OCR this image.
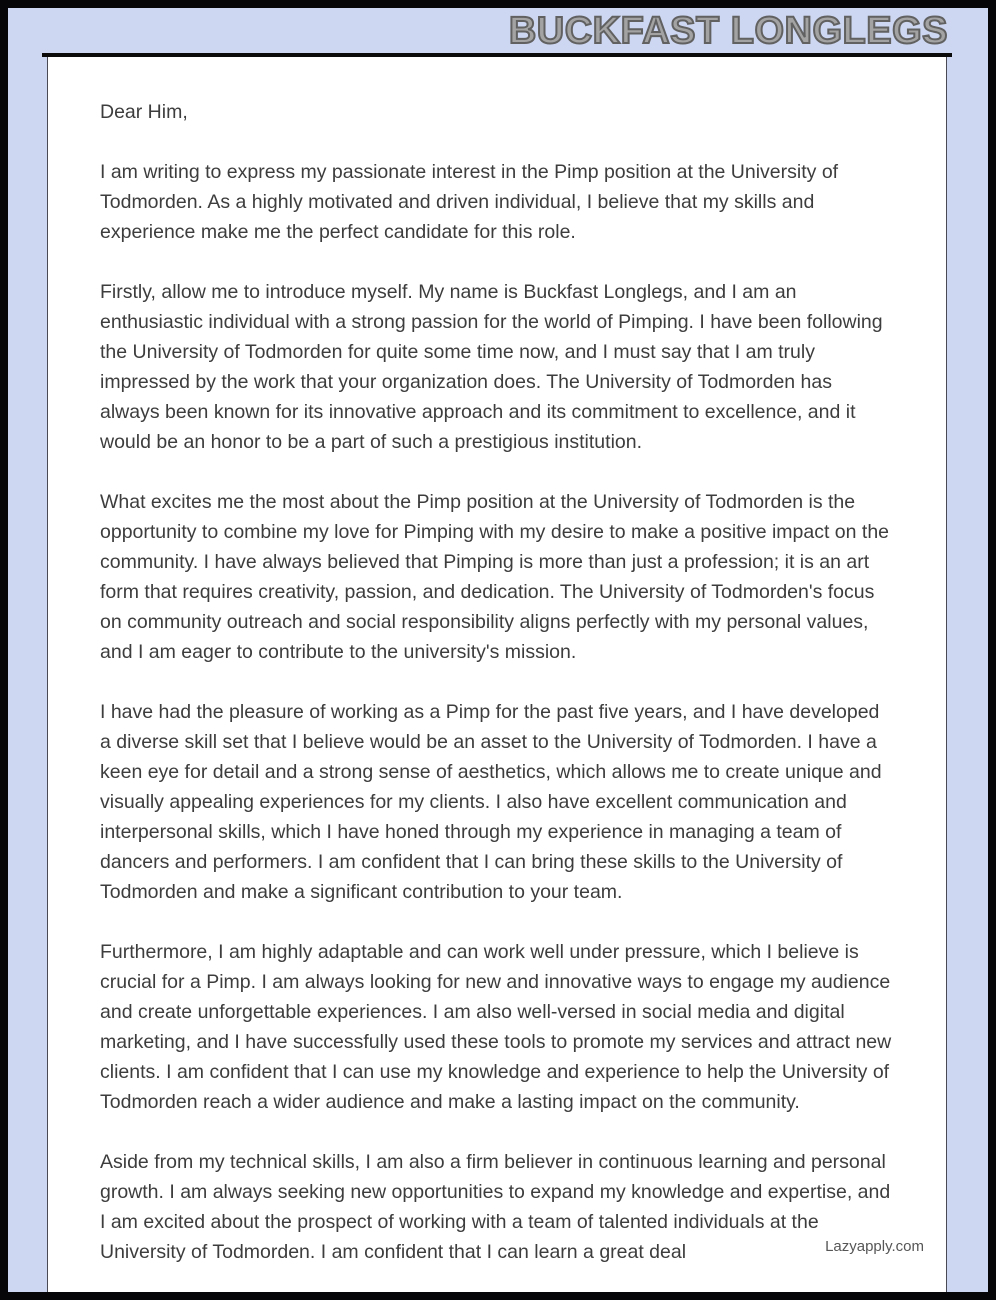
BUCKFAST LONGLEGS

Dear Him,

I am writing to express my passionate interest in the Pimp position at the University of Todmorden. As a highly motivated and driven individual, I believe that my skills and experience make me the perfect candidate for this role.

Firstly, allow me to introduce myself. My name is Buckfast Longlegs, and I am an enthusiastic individual with a strong passion for the world of Pimping. I have been following the University of Todmorden for quite some time now, and I must say that I am truly impressed by the work that your organization does. The University of Todmorden has always been known for its innovative approach and its commitment to excellence, and it would be an honor to be a part of such a prestigious institution.

What excites me the most about the Pimp position at the University of Todmorden is the opportunity to combine my love for Pimping with my desire to make a positive impact on the community. I have always believed that Pimping is more than just a profession; it is an art form that requires creativity, passion, and dedication. The University of Todmorden's focus on community outreach and social responsibility aligns perfectly with my personal values, and I am eager to contribute to the university's mission.

I have had the pleasure of working as a Pimp for the past five years, and I have developed a diverse skill set that I believe would be an asset to the University of Todmorden. I have a keen eye for detail and a strong sense of aesthetics, which allows me to create unique and visually appealing experiences for my clients. I also have excellent communication and interpersonal skills, which I have honed through my experience in managing a team of dancers and performers. I am confident that I can bring these skills to the University of Todmorden and make a significant contribution to your team.

Furthermore, I am highly adaptable and can work well under pressure, which I believe is crucial for a Pimp. I am always looking for new and innovative ways to engage my audience and create unforgettable experiences. I am also well-versed in social media and digital marketing, and I have successfully used these tools to promote my services and attract new clients. I am confident that I can use my knowledge and experience to help the University of Todmorden reach a wider audience and make a lasting impact on the community.

Aside from my technical skills, I am also a firm believer in continuous learning and personal growth. I am always seeking new opportunities to expand my knowledge and expertise, and I am excited about the prospect of working with a team of talented individuals at the University of Todmorden. I am confident that I can learn a great deal	Lazyapply.com
